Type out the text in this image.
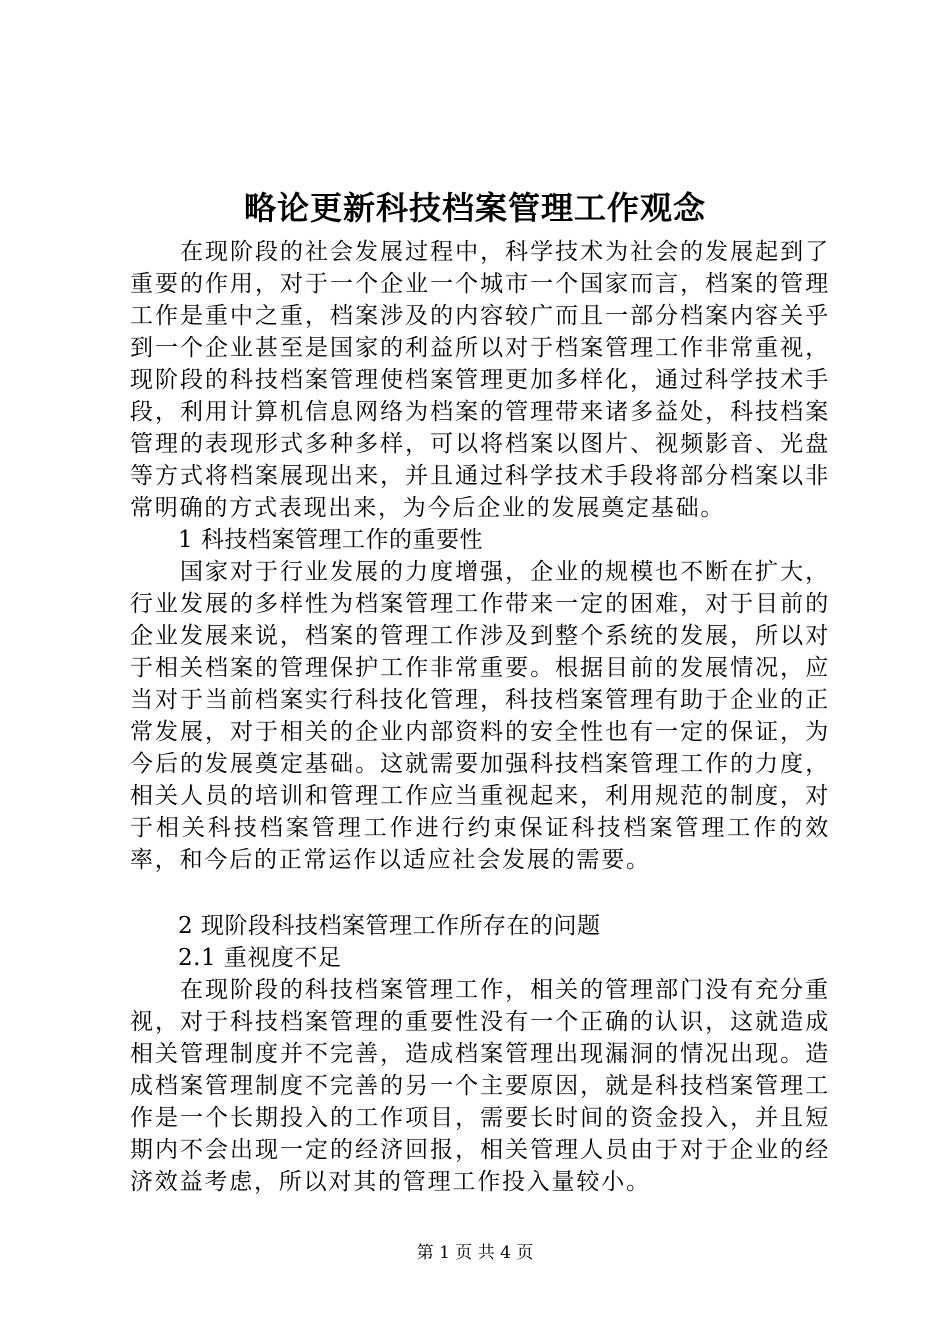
略论更新科技档案管理工作观念

在现阶段的社会发展过程中，科学技术为社会的发展起到了重要的作用，对于一个企业一个城市一个国家而言，档案的管理工作是重中之重，档案涉及的内容较广而且一部分档案内容关乎到一个企业甚至是国家的利益所以对于档案管理工作非常重视，现阶段的科技档案管理使档案管理更加多样化，通过科学技术手段，利用计算机信息网络为档案的管理带来诸多益处，科技档案管理的表现形式多种多样，可以将档案以图片、视频影音、光盘等方式将档案展现出来，并且通过科学技术手段将部分档案以非常明确的方式表现出来，为今后企业的发展奠定基础。

1 科技档案管理工作的重要性

国家对于行业发展的力度增强，企业的规模也不断在扩大，行业发展的多样性为档案管理工作带来一定的困难，对于目前的企业发展来说，档案的管理工作涉及到整个系统的发展，所以对于相关档案的管理保护工作非常重要。根据目前的发展情况，应当对于当前档案实行科技化管理，科技档案管理有助于企业的正常发展，对于相关的企业内部资料的安全性也有一定的保证，为今后的发展奠定基础。这就需要加强科技档案管理工作的力度，相关人员的培训和管理工作应当重视起来，利用规范的制度，对于相关科技档案管理工作进行约束保证科技档案管理工作的效率，和今后的正常运作以适应社会发展的需要。

2 现阶段科技档案管理工作所存在的问题

2.1 重视度不足

在现阶段的科技档案管理工作，相关的管理部门没有充分重视，对于科技档案管理的重要性没有一个正确的认识，这就造成相关管理制度并不完善，造成档案管理出现漏洞的情况出现。造成档案管理制度不完善的另一个主要原因，就是科技档案管理工作是一个长期投入的工作项目，需要长时间的资金投入，并且短期内不会出现一定的经济回报，相关管理人员由于对于企业的经济效益考虑，所以对其的管理工作投入量较小。

第 1 页 共 4 页
